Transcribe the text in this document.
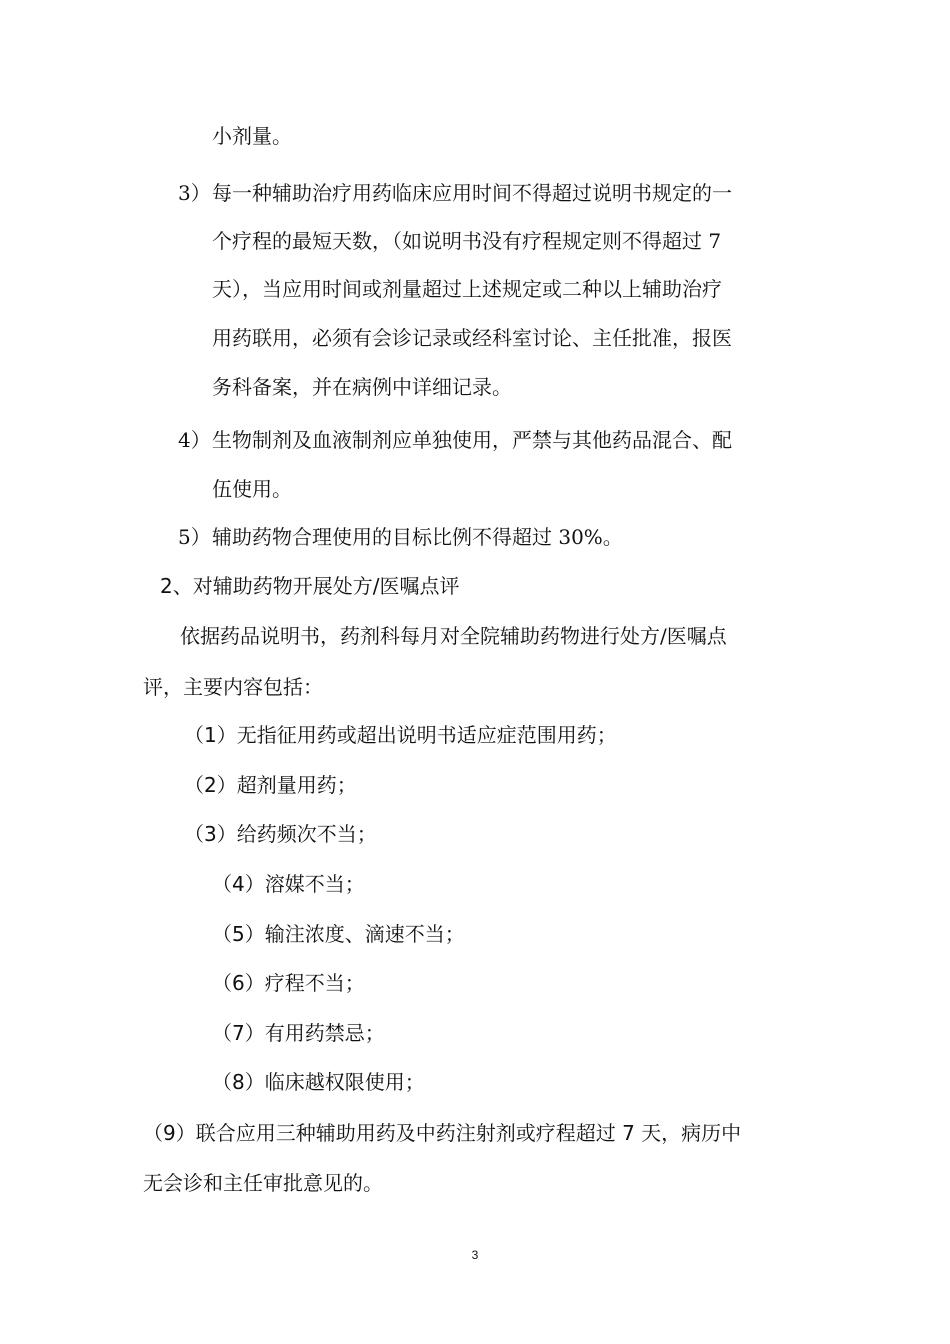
小剂量。
3） 每一种辅助治疗用药临床应用时间不得超过说明书规定的一
个疗程的最短天数，（如说明书没有疗程规定则不得超过 7
天），当应用时间或剂量超过上述规定或二种以上辅助治疗
用药联用，必须有会诊记录或经科室讨论、主任批准，报医
务科备案，并在病例中详细记录。
4） 生物制剂及血液制剂应单独使用，严禁与其他药品混合、配
伍使用。
5） 辅助药物合理使用的目标比例不得超过 30%。
2、对辅助药物开展处方/医嘱点评
依据药品说明书，药剂科每月对全院辅助药物进行处方/医嘱点
评，主要内容包括：
（1）无指征用药或超出说明书适应症范围用药；
（2）超剂量用药；
（3）给药频次不当；
（4）溶媒不当；
（5）输注浓度、滴速不当；
（6）疗程不当；
（7）有用药禁忌；
（8）临床越权限使用；
（9）联合应用三种辅助用药及中药注射剂或疗程超过 7 天，病历中
无会诊和主任审批意见的。
3
